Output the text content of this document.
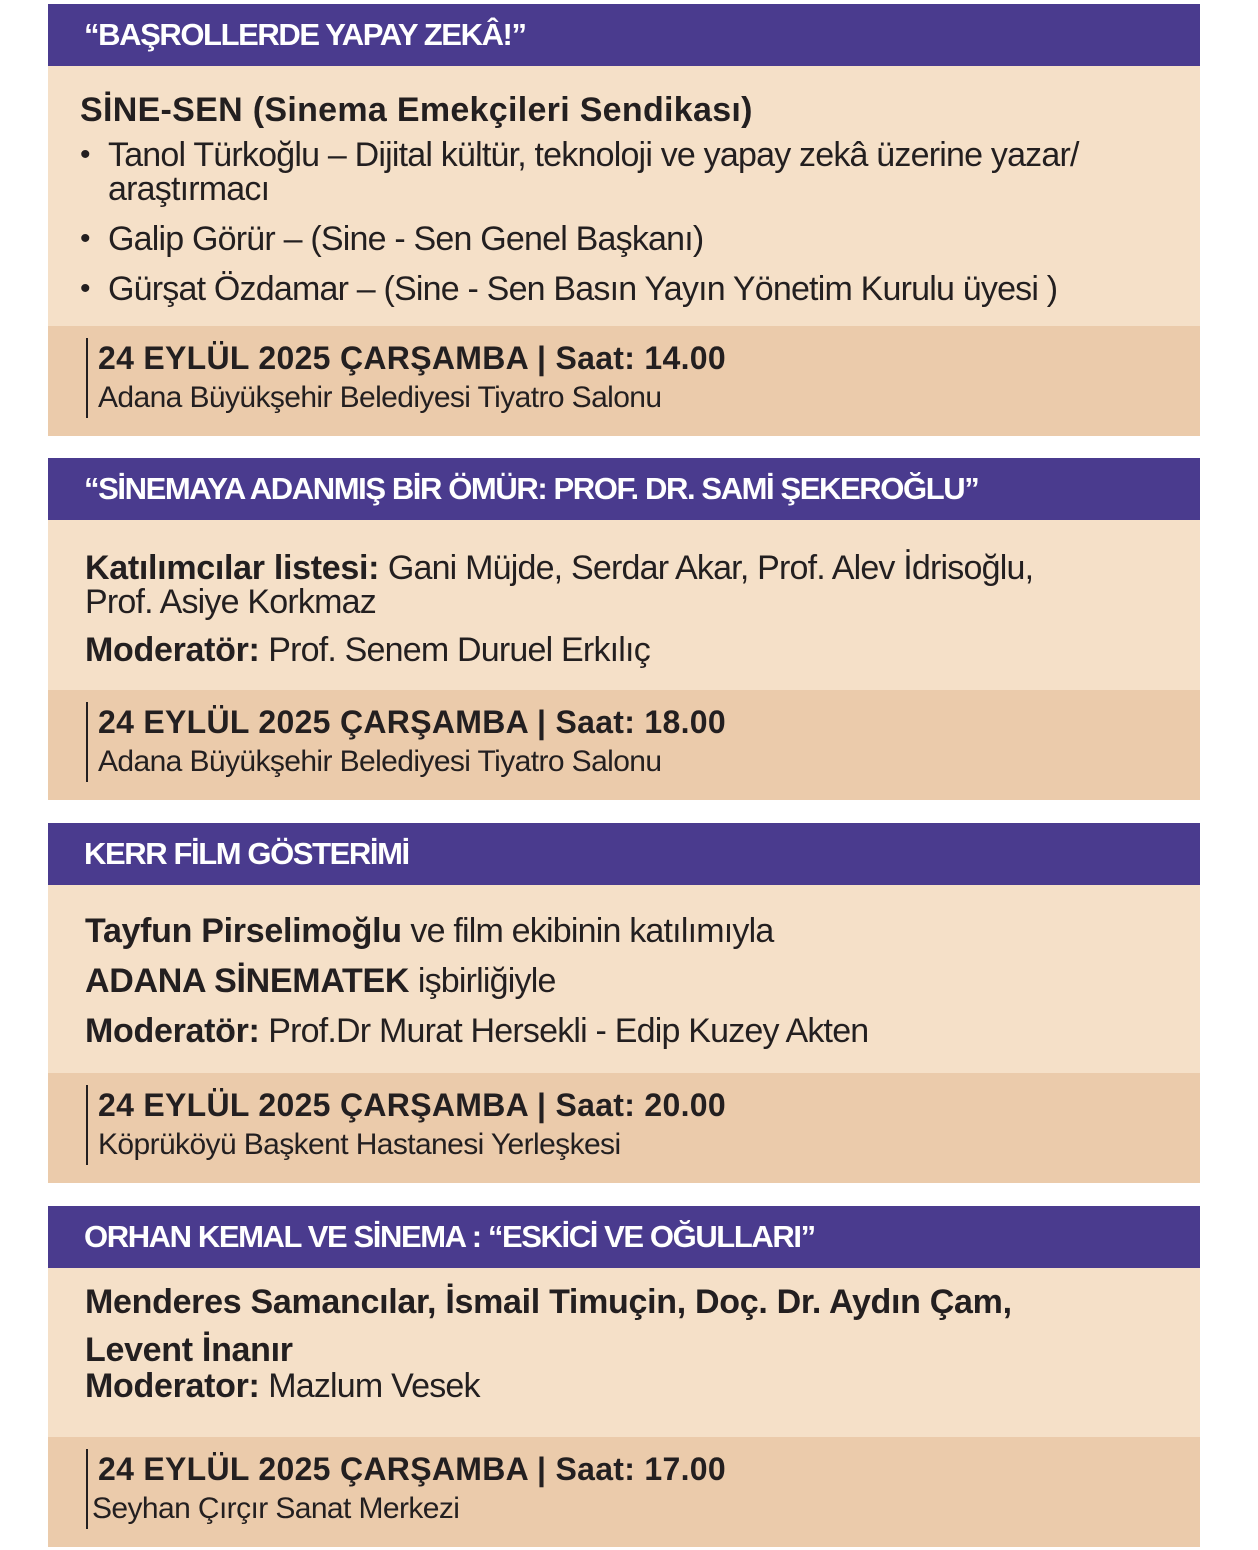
“BAŞROLLERDE YAPAY ZEKÂ!”
SİNE-SEN (Sinema Emekçileri Sendikası)
• Tanol Türkoğlu – Dijital kültür, teknoloji ve yapay zekâ üzerine yazar/
araştırmacı
• Galip Görür – (Sine - Sen Genel Başkanı)
• Gürşat Özdamar – (Sine - Sen Basın Yayın Yönetim Kurulu üyesi )
24 EYLÜL 2025 ÇARŞAMBA | Saat: 14.00
Adana Büyükşehir Belediyesi Tiyatro Salonu
“SİNEMAYA ADANMIŞ BİR ÖMÜR: PROF. DR. SAMİ ŞEKEROĞLU”
Katılımcılar listesi: Gani Müjde, Serdar Akar, Prof. Alev İdrisoğlu,
Prof. Asiye Korkmaz
Moderatör: Prof. Senem Duruel Erkılıç
24 EYLÜL 2025 ÇARŞAMBA | Saat: 18.00
Adana Büyükşehir Belediyesi Tiyatro Salonu
KERR FİLM GÖSTERİMİ
Tayfun Pirselimoğlu ve film ekibinin katılımıyla
ADANA SİNEMATEK işbirliğiyle
Moderatör: Prof.Dr Murat Hersekli - Edip Kuzey Akten
24 EYLÜL 2025 ÇARŞAMBA | Saat: 20.00
Köprüköyü Başkent Hastanesi Yerleşkesi
ORHAN KEMAL VE SİNEMA : “ESKİCİ VE OĞULLARI”
Menderes Samancılar, İsmail Timuçin, Doç. Dr. Aydın Çam,
Levent İnanır
Moderator: Mazlum Vesek
24 EYLÜL 2025 ÇARŞAMBA | Saat: 17.00
Seyhan Çırçır Sanat Merkezi
